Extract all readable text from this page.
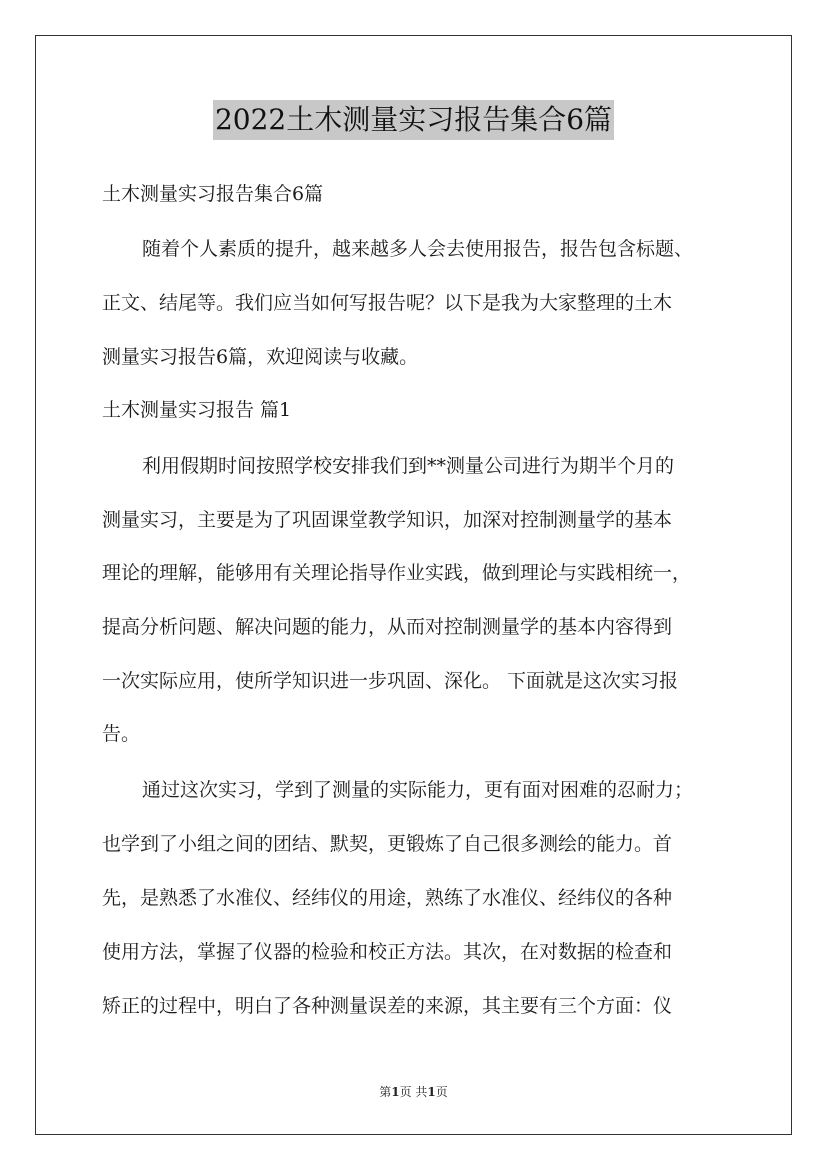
2022土木测量实习报告集合6篇
土木测量实习报告集合6篇
随着个人素质的提升，越来越多人会去使用报告，报告包含标题、
正文、结尾等。我们应当如何写报告呢？以下是我为大家整理的土木
测量实习报告6篇，欢迎阅读与收藏。
土木测量实习报告 篇1
利用假期时间按照学校安排我们到**测量公司进行为期半个月的
测量实习，主要是为了巩固课堂教学知识，加深对控制测量学的基本
理论的理解，能够用有关理论指导作业实践，做到理论与实践相统一，
提高分析问题、解决问题的能力，从而对控制测量学的基本内容得到
一次实际应用，使所学知识进一步巩固、深化。 下面就是这次实习报
告。
通过这次实习，学到了测量的实际能力，更有面对困难的忍耐力；
也学到了小组之间的团结、默契，更锻炼了自己很多测绘的能力。首
先，是熟悉了水准仪、经纬仪的用途，熟练了水准仪、经纬仪的各种
使用方法，掌握了仪器的检验和校正方法。其次，在对数据的检查和
矫正的过程中，明白了各种测量误差的来源，其主要有三个方面：仪
第1页 共1页
